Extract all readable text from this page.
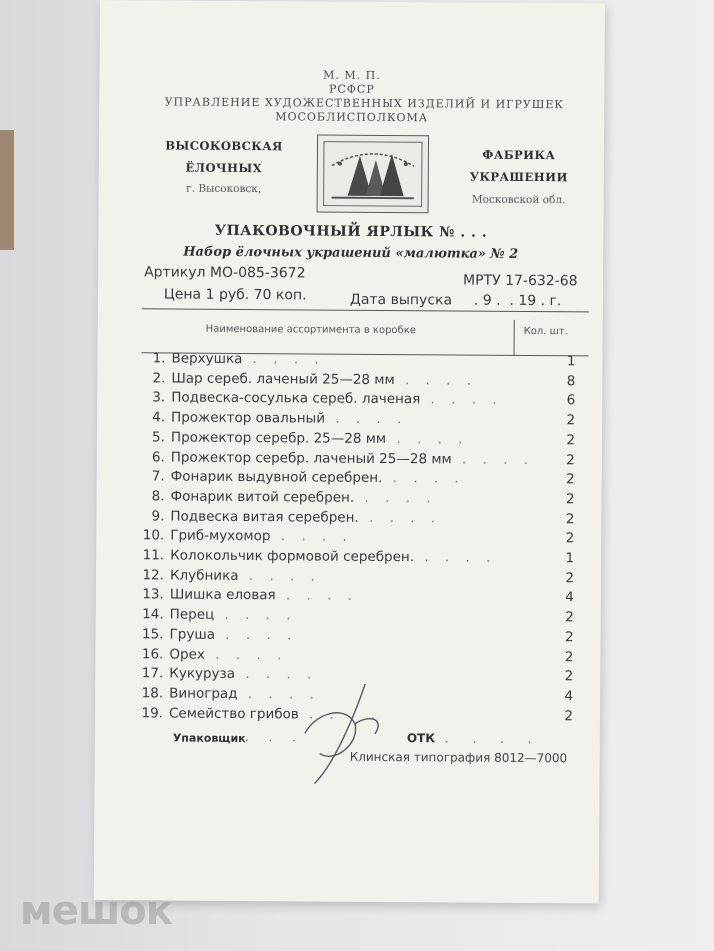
М. М. П.
РСФСР
УПРАВЛЕНИЕ ХУДОЖЕСТВЕННЫХ ИЗДЕЛИЙ И ИГРУШЕК
МОСОБЛИСПОЛКОМА
ВЫСОКОВСКАЯ
ЁЛОЧНЫХ
г. Высоковск,
ФАБРИКА
УКРАШЕНИИ
Московской обл.
УПАКОВОЧНЫЙ ЯРЛЫК № . . .
Набор ёлочных украшений «малютка» № 2
Артикул МО-085-3672	МРТУ 17-632-68
Цена 1 руб. 70 коп.	Дата выпуска . 9 . ‌ . 19 . г.
Наименование ассортимента в коробке	Кол. шт.
1. Верхушка . . . .	1
2. Шар сереб. лаченый 25—28 мм . . . .	8
3. Подвеска-сосулька сереб. лаченая . . . .	6
4. Прожектор овальный . . . .	2
5. Прожектор серебр. 25—28 мм . . . .	2
6. Прожектор серебр. лаченый 25—28 мм . . . . 2
7. Фонарик выдувной серебрен. . . . .	2
8. Фонарик витой серебрен. . . . .	2
9. Подвеска витая серебрен. . . . .	2
10. Гриб-мухомор . . . .	2
11. Колокольчик формовой серебрен. . . . .	1
12. Клубника . . . .	2
13. Шишка еловая . . . .	4
14. Перец . . . .	2
15. Груша . . . .	2
16. Орех . . . .	2
17. Кукуруза . . . .	2
18. Виноград . . . .	4
19. Семейство грибов . . . .	2
Упаковщик . . .	ОТК . . . .
Клинская типография 8012—7000
мешок
